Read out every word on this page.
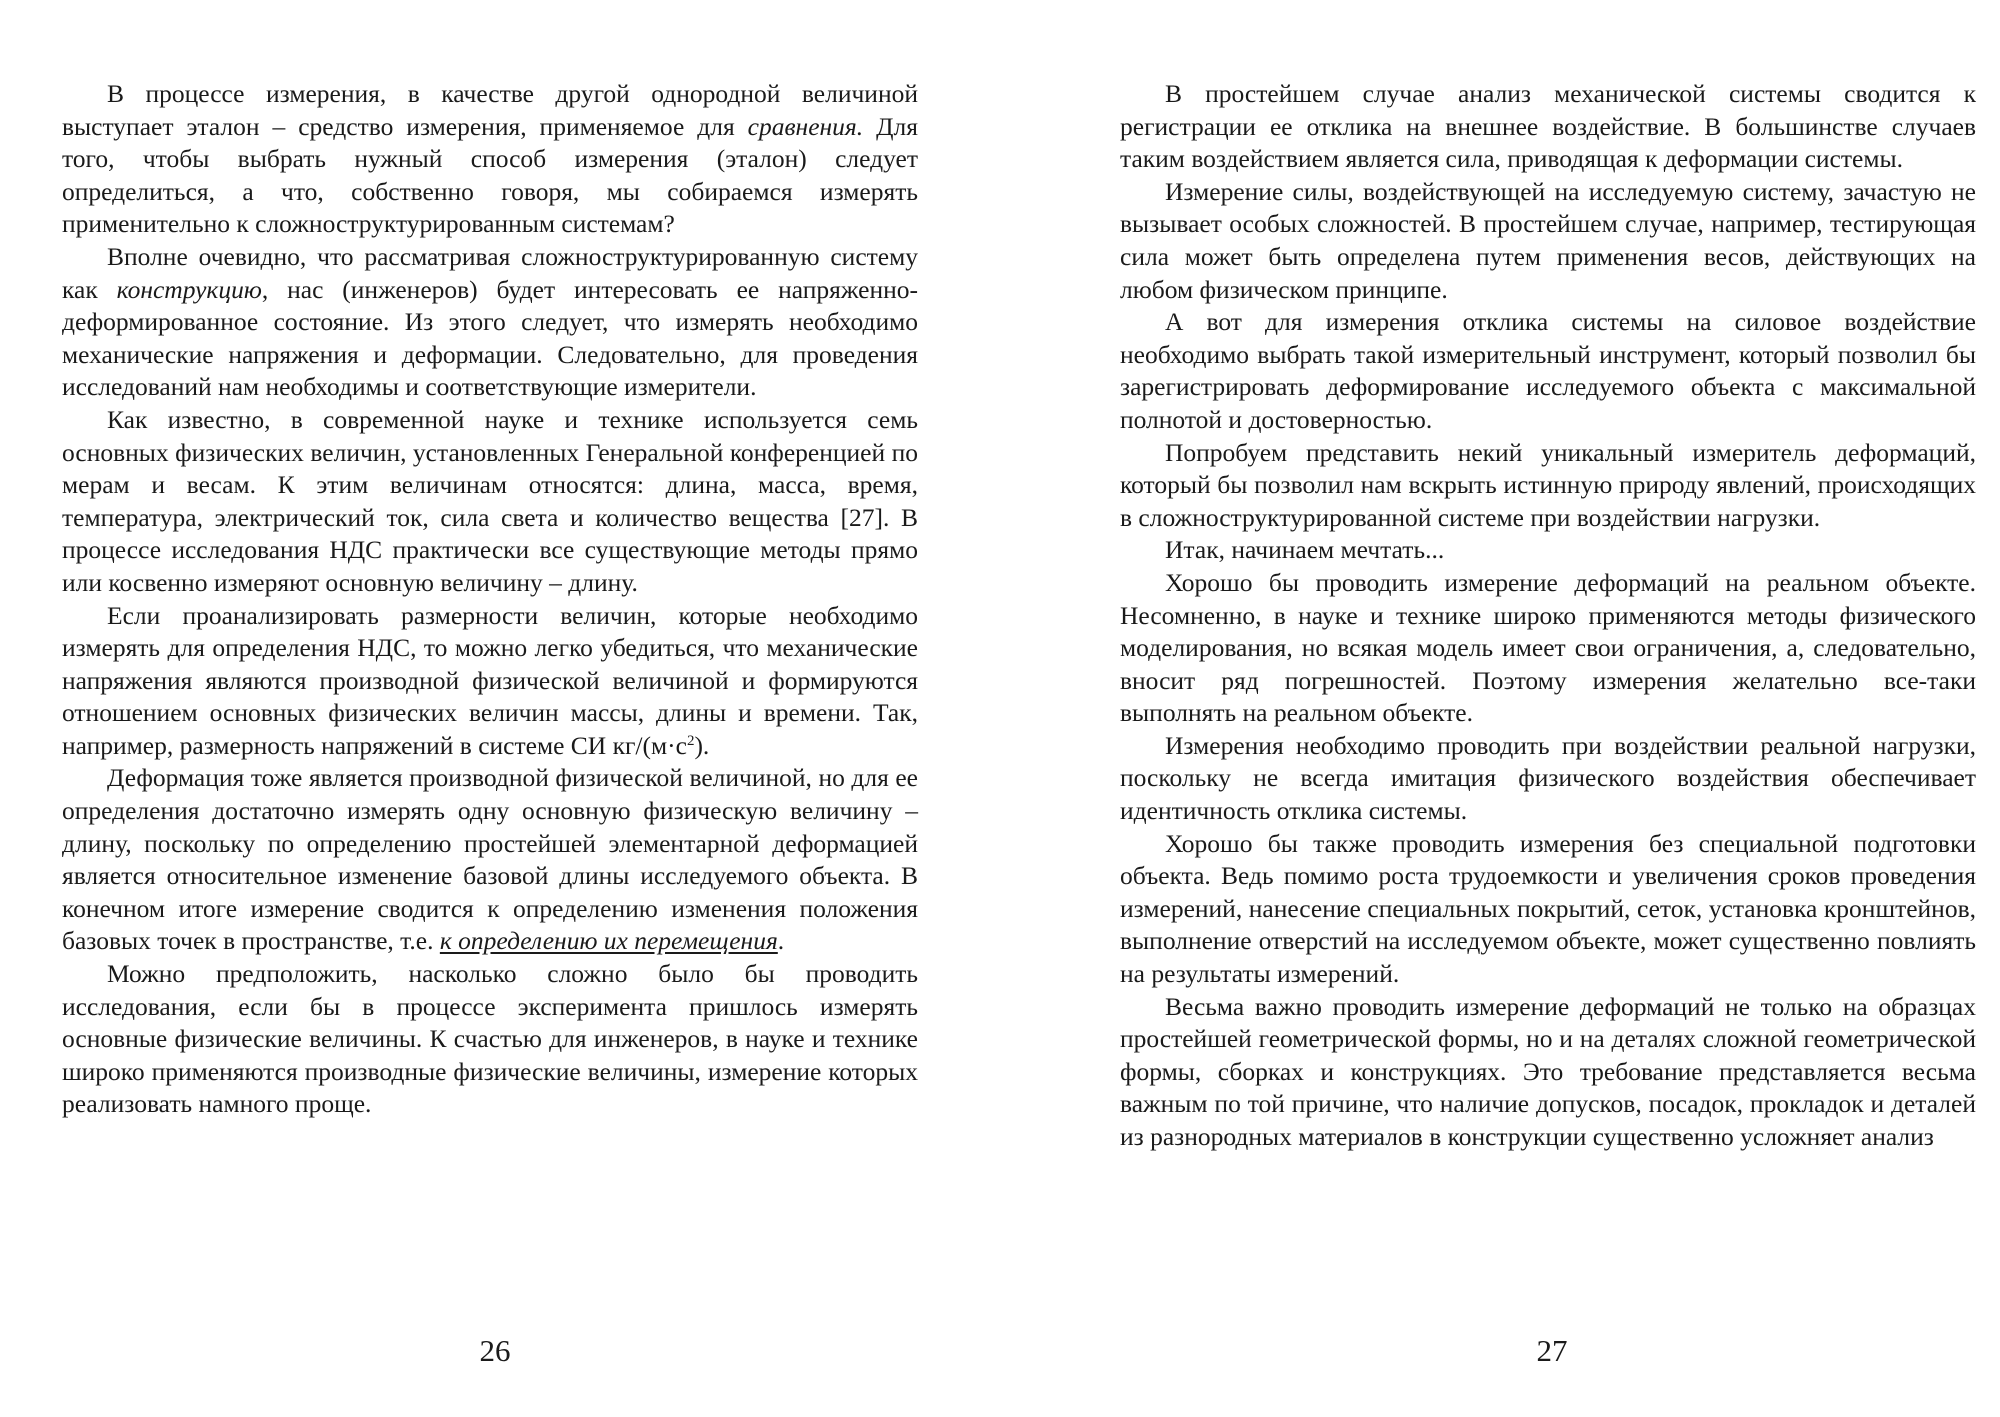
В процессе измерения, в качестве другой однородной величиной выступает эталон – средство измерения, применяемое для сравнения. Для того, чтобы выбрать нужный способ измерения (эталон) следует определиться, а что, собственно говоря, мы собираемся измерять применительно к сложноструктурированным системам?

Вполне очевидно, что рассматривая сложноструктурированную систему как конструкцию, нас (инженеров) будет интересовать ее напряженно-деформированное состояние. Из этого следует, что измерять необходимо механические напряжения и деформации. Следовательно, для проведения исследований нам необходимы и соответствующие измерители.

Как известно, в современной науке и технике используется семь основных физических величин, установленных Генеральной конференцией по мерам и весам. К этим величинам относятся: длина, масса, время, температура, электрический ток, сила света и количество вещества [27]. В процессе исследования НДС практически все существующие методы прямо или косвенно измеряют основную величину – длину.

Если проанализировать размерности величин, которые необходимо измерять для определения НДС, то можно легко убедиться, что механические напряжения являются производной физической величиной и формируются отношением основных физических величин массы, длины и времени. Так, например, размерность напряжений в системе СИ $кг/(м\cdot с^2)$.

Деформация тоже является производной физической величиной, но для ее определения достаточно измерять одну основную физическую величину – длину, поскольку по определению простейшей элементарной деформацией является относительное изменение базовой длины исследуемого объекта. В конечном итоге измерение сводится к определению изменения положения базовых точек в пространстве, т.е. к определению их перемещения.

Можно предположить, насколько сложно было бы проводить исследования, если бы в процессе эксперимента пришлось измерять основные физические величины. К счастью для инженеров, в науке и технике широко применяются производные физические величины, измерение которых реализовать намного проще.

26

В простейшем случае анализ механической системы сводится к регистрации ее отклика на внешнее воздействие. В большинстве случаев таким воздействием является сила, приводящая к деформации системы.

Измерение силы, воздействующей на исследуемую систему, зачастую не вызывает особых сложностей. В простейшем случае, например, тестирующая сила может быть определена путем применения весов, действующих на любом физическом принципе.

А вот для измерения отклика системы на силовое воздействие необходимо выбрать такой измерительный инструмент, который позволил бы зарегистрировать деформирование исследуемого объекта с максимальной полнотой и достоверностью.

Попробуем представить некий уникальный измеритель деформаций, который бы позволил нам вскрыть истинную природу явлений, происходящих в сложноструктурированной системе при воздействии нагрузки.

Итак, начинаем мечтать...

Хорошо бы проводить измерение деформаций на реальном объекте. Несомненно, в науке и технике широко применяются методы физического моделирования, но всякая модель имеет свои ограничения, а, следовательно, вносит ряд погрешностей. Поэтому измерения желательно все-таки выполнять на реальном объекте.

Измерения необходимо проводить при воздействии реальной нагрузки, поскольку не всегда имитация физического воздействия обеспечивает идентичность отклика системы.

Хорошо бы также проводить измерения без специальной подготовки объекта. Ведь помимо роста трудоемкости и увеличения сроков проведения измерений, нанесение специальных покрытий, сеток, установка кронштейнов, выполнение отверстий на исследуемом объекте, может существенно повлиять на результаты измерений.

Весьма важно проводить измерение деформаций не только на образцах простейшей геометрической формы, но и на деталях сложной геометрической формы, сборках и конструкциях. Это требование представляется весьма важным по той причине, что наличие допусков, посадок, прокладок и деталей из разнородных материалов в конструкции существенно усложняет анализ

27
